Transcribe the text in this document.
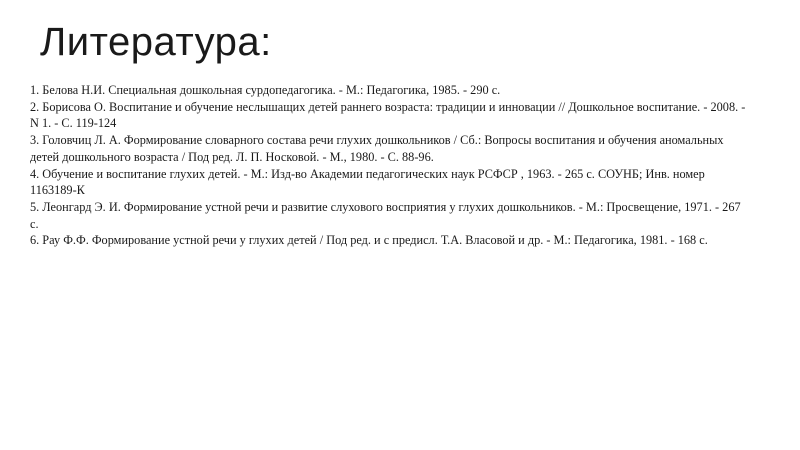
Литература:
1. Белова Н.И. Специальная дошкольная сурдопедагогика. - М.: Педагогика, 1985. - 290 с.
2. Борисова О. Воспитание и обучение неслышащих детей раннего возраста: традиции и инновации // Дошкольное воспитание. - 2008. - N 1. - С. 119-124
3. Головчиц Л. А. Формирование словарного состава речи глухих дошкольников / Сб.: Вопросы воспитания и обучения аномальных детей дошкольного возраста / Под ред. Л. П. Носковой. - М., 1980. - С. 88-96.
4. Обучение и воспитание глухих детей. - М.: Изд-во Академии педагогических наук РСФСР , 1963. - 265 с. СОУНБ; Инв. номер 1163189-К
5. Леонгард Э. И. Формирование устной речи и развитие слухового восприятия у глухих дошкольников. - М.: Просвещение, 1971. - 267 с.
6. Рау Ф.Ф. Формирование устной речи у глухих детей / Под ред. и с предисл. Т.А. Власовой и др. - М.: Педагогика, 1981. - 168 с.
